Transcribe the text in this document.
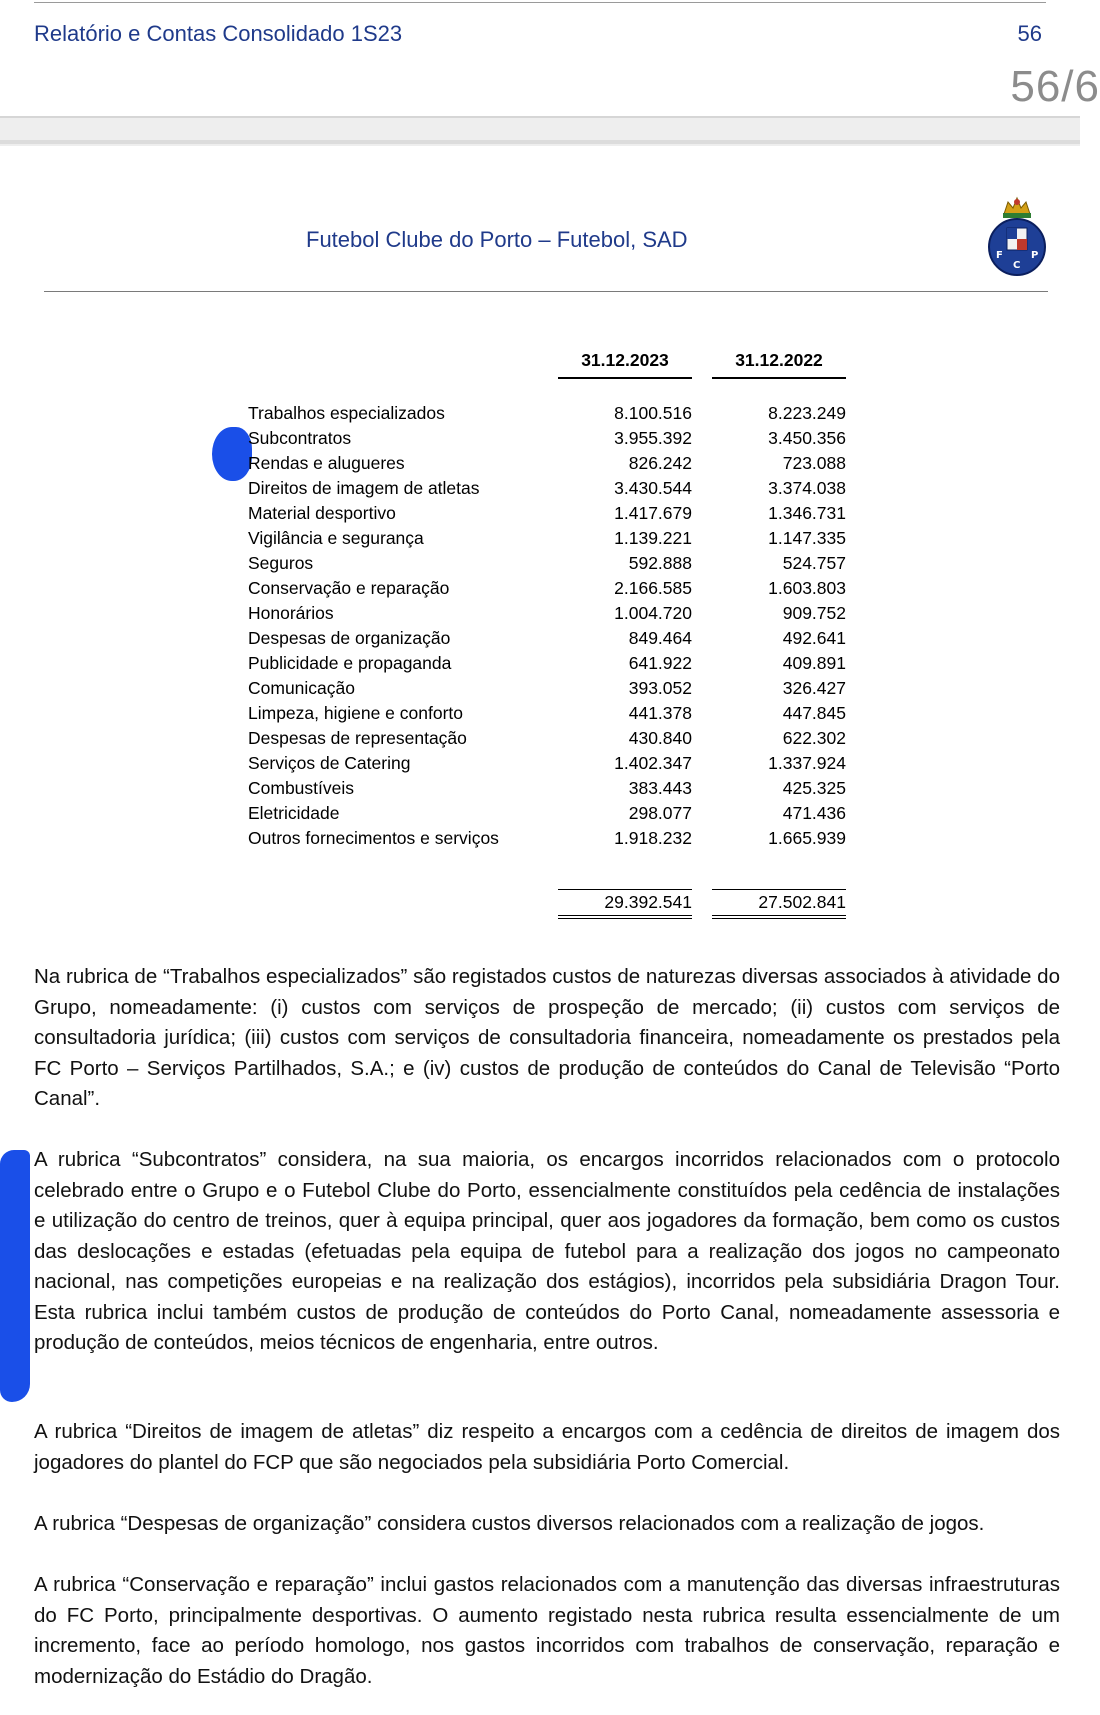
Relatório e Contas Consolidado 1S23	56
56/6
Futebol Clube do Porto – Futebol, SAD
F
C
P
	31.12.2023		31.12.2022

Trabalhos especializados	8.100.516		8.223.249
Subcontratos	3.955.392		3.450.356
Rendas e alugueres	826.242		723.088
Direitos de imagem de atletas	3.430.544		3.374.038
Material desportivo	1.417.679		1.346.731
Vigilância e segurança	1.139.221		1.147.335
Seguros	592.888		524.757
Conservação e reparação	2.166.585		1.603.803
Honorários	1.004.720		909.752
Despesas de organização	849.464		492.641
Publicidade e propaganda	641.922		409.891
Comunicação	393.052		326.427
Limpeza, higiene e conforto	441.378		447.845
Despesas de representação	430.840		622.302
Serviços de Catering	1.402.347		1.337.924
Combustíveis	383.443		425.325
Eletricidade	298.077		471.436
Outros fornecimentos e serviços	1.918.232		1.665.939

	29.392.541		27.502.841

Na rubrica de “Trabalhos especializados” são registados custos de naturezas diversas associados à atividade do Grupo, nomeadamente: (i) custos com serviços de prospeção de mercado; (ii) custos com serviços de consultadoria jurídica; (iii) custos com serviços de consultadoria financeira, nomeadamente os prestados pela FC Porto – Serviços Partilhados, S.A.; e (iv) custos de produção de conteúdos do Canal de Televisão “Porto Canal”.

A rubrica “Subcontratos” considera, na sua maioria, os encargos incorridos relacionados com o protocolo celebrado entre o Grupo e o Futebol Clube do Porto, essencialmente constituídos pela cedência de instalações e utilização do centro de treinos, quer à equipa principal, quer aos jogadores da formação, bem como os custos das deslocações e estadas (efetuadas pela equipa de futebol para a realização dos jogos no campeonato nacional, nas competições europeias e na realização dos estágios), incorridos pela subsidiária Dragon Tour. Esta rubrica inclui também custos de produção de conteúdos do Porto Canal, nomeadamente assessoria e produção de conteúdos, meios técnicos de engenharia, entre outros.

A rubrica “Direitos de imagem de atletas” diz respeito a encargos com a cedência de direitos de imagem dos jogadores do plantel do FCP que são negociados pela subsidiária Porto Comercial.

A rubrica “Despesas de organização” considera custos diversos relacionados com a realização de jogos.

A rubrica “Conservação e reparação” inclui gastos relacionados com a manutenção das diversas infraestruturas do FC Porto, principalmente desportivas. O aumento registado nesta rubrica resulta essencialmente de um incremento, face ao período homologo, nos gastos incorridos com trabalhos de conservação, reparação e modernização do Estádio do Dragão.
